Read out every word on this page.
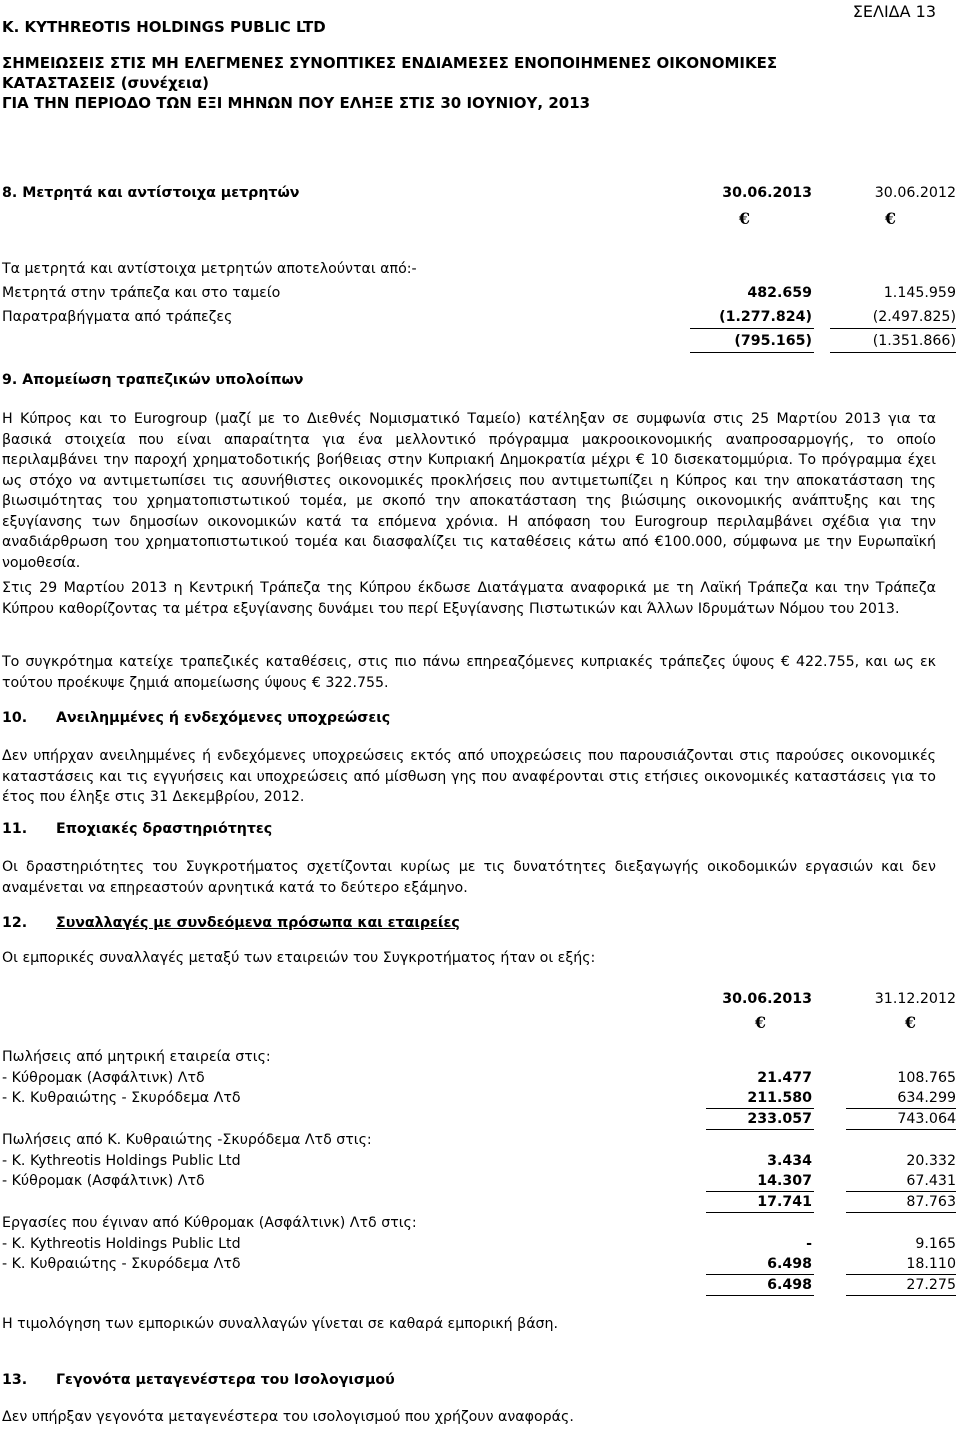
K. KYTHREOTIS HOLDINGS PUBLIC LTD
ΣΕΛΙΔΑ 13
ΣΗΜΕΙΩΣΕΙΣ ΣΤΙΣ ΜΗ ΕΛΕΓΜΕΝΕΣ ΣΥΝΟΠΤΙΚΕΣ ΕΝΔΙΑΜΕΣΕΣ ΕΝΟΠΟΙΗΜΕΝΕΣ ΟΙΚΟΝΟΜΙΚΕΣ
ΚΑΤΑΣΤΑΣΕΙΣ (συνέχεια)
ΓΙΑ ΤΗΝ ΠΕΡΙΟΔΟ ΤΩΝ ΕΞΙ ΜΗΝΩΝ ΠΟΥ ΕΛΗΞΕ ΣΤΙΣ 30 ΙΟΥΝΙΟΥ, 2013
8. Μετρητά και αντίστοιχα μετρητών	30.06.2013	30.06.2012
€	€
Τα μετρητά και αντίστοιχα μετρητών αποτελούνται από:-
Μετρητά στην τράπεζα και στο ταμείο	482.659	1.145.959
Παρατραβήγματα από τράπεζες	(1.277.824)	(2.497.825)
(795.165)	(1.351.866)
9. Απομείωση τραπεζικών υπολοίπων
Η Κύπρος και το Eurogroup (μαζί με το Διεθνές Νομισματικό Ταμείο) κατέληξαν σε συμφωνία στις 25 Μαρτίου 2013 για τα βασικά στοιχεία που είναι απαραίτητα για ένα μελλοντικό πρόγραμμα μακροοικονομικής αναπροσαρμογής, το οποίο περιλαμβάνει την παροχή χρηματοδοτικής βοήθειας στην Κυπριακή Δημοκρατία μέχρι € 10 δισεκατομμύρια. Το πρόγραμμα έχει ως στόχο να αντιμετωπίσει τις ασυνήθιστες οικονομικές προκλήσεις που αντιμετωπίζει η Κύπρος και την αποκατάσταση της βιωσιμότητας του χρηματοπιστωτικού τομέα, με σκοπό την αποκατάσταση της βιώσιμης οικονομικής ανάπτυξης και της εξυγίανσης των δημοσίων οικονομικών κατά τα επόμενα χρόνια. Η απόφαση του Eurogroup περιλαμβάνει σχέδια για την αναδιάρθρωση του χρηματοπιστωτικού τομέα και διασφαλίζει τις καταθέσεις κάτω από €100.000, σύμφωνα με την Ευρωπαϊκή νομοθεσία.
Στις 29 Μαρτίου 2013 η Κεντρική Τράπεζα της Κύπρου έκδωσε Διατάγματα αναφορικά με τη Λαϊκή Τράπεζα και την Τράπεζα Κύπρου καθορίζοντας τα μέτρα εξυγίανσης δυνάμει του περί Εξυγίανσης Πιστωτικών και Άλλων Ιδρυμάτων Νόμου του 2013.
Το συγκρότημα κατείχε τραπεζικές καταθέσεις, στις πιο πάνω επηρεαζόμενες κυπριακές τράπεζες ύψους € 422.755, και ως εκ τούτου προέκυψε ζημιά απομείωσης ύψους € 322.755.
10. Ανειλημμένες ή ενδεχόμενες υποχρεώσεις
Δεν υπήρχαν ανειλημμένες ή ενδεχόμενες υποχρεώσεις εκτός από υποχρεώσεις που παρουσιάζονται στις παρούσες οικονομικές καταστάσεις και τις εγγυήσεις και υποχρεώσεις από μίσθωση γης που αναφέρονται στις ετήσιες οικονομικές καταστάσεις για το έτος που έληξε στις 31 Δεκεμβρίου, 2012.
11. Εποχιακές δραστηριότητες
Οι δραστηριότητες του Συγκροτήματος σχετίζονται κυρίως με τις δυνατότητες διεξαγωγής οικοδομικών εργασιών και δεν αναμένεται να επηρεαστούν αρνητικά κατά το δεύτερο εξάμηνο.
12. Συναλλαγές με συνδεόμενα πρόσωπα και εταιρείες
Οι εμπορικές συναλλαγές μεταξύ των εταιρειών του Συγκροτήματος ήταν οι εξής:
30.06.2013	31.12.2012
€	€
Πωλήσεις από μητρική εταιρεία στις:
- Κύθρομακ (Ασφάλτινκ) Λτδ	21.477	108.765
- Κ. Κυθραιώτης - Σκυρόδεμα Λτδ	211.580	634.299
233.057	743.064
Πωλήσεις από Κ. Κυθραιώτης -Σκυρόδεμα Λτδ στις:
- K. Kythreotis Holdings Public Ltd	3.434	20.332
- Κύθρομακ (Ασφάλτινκ) Λτδ	14.307	67.431
17.741	87.763
Εργασίες που έγιναν από Κύθρομακ (Ασφάλτινκ) Λτδ στις:
- K. Kythreotis Holdings Public Ltd	-	9.165
- Κ. Κυθραιώτης - Σκυρόδεμα Λτδ	6.498	18.110
6.498	27.275
Η τιμολόγηση των εμπορικών συναλλαγών γίνεται σε καθαρά εμπορική βάση.
13. Γεγονότα μεταγενέστερα του Ισολογισμού
Δεν υπήρξαν γεγονότα μεταγενέστερα του ισολογισμού που χρήζουν αναφοράς.
